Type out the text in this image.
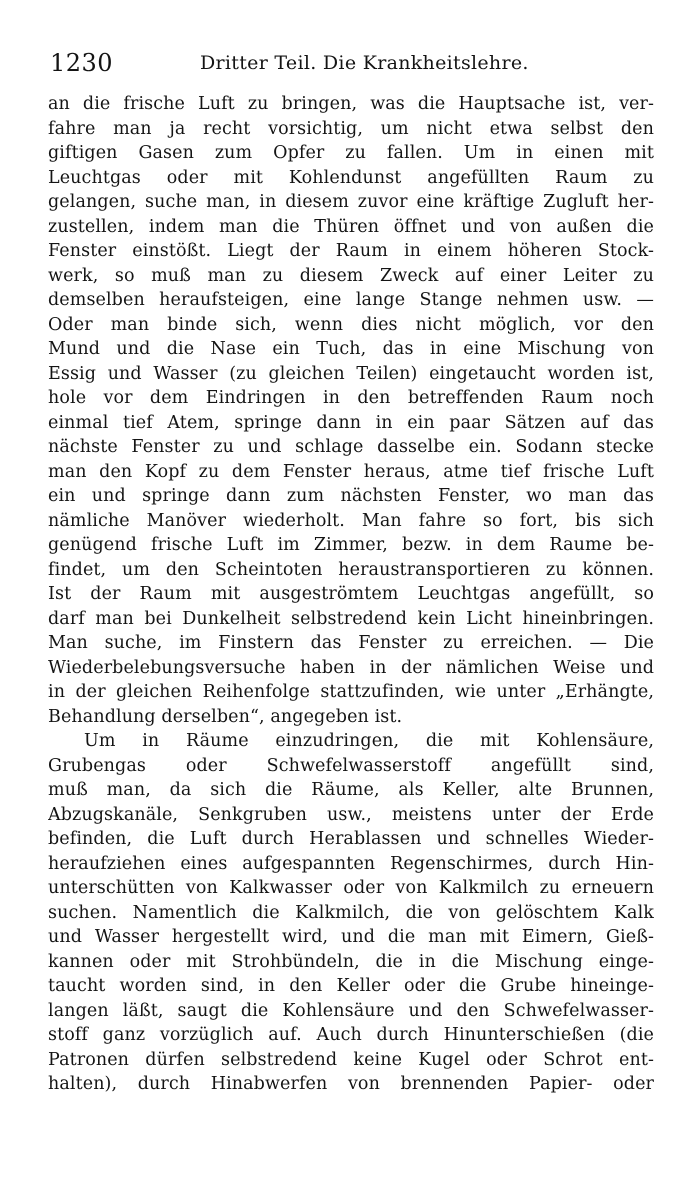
1230	Dritter Teil. Die Krankheitslehre.
an die frische Luft zu bringen, was die Hauptsache ist, ver-
fahre man ja recht vorsichtig, um nicht etwa selbst den
giftigen Gasen zum Opfer zu fallen. Um in einen mit
Leuchtgas oder mit Kohlendunst angefüllten Raum zu
gelangen, suche man, in diesem zuvor eine kräftige Zugluft her-
zustellen, indem man die Thüren öffnet und von außen die
Fenster einstößt. Liegt der Raum in einem höheren Stock-
werk, so muß man zu diesem Zweck auf einer Leiter zu
demselben heraufsteigen, eine lange Stange nehmen usw. —
Oder man binde sich, wenn dies nicht möglich, vor den
Mund und die Nase ein Tuch, das in eine Mischung von
Essig und Wasser (zu gleichen Teilen) eingetaucht worden ist,
hole vor dem Eindringen in den betreffenden Raum noch
einmal tief Atem, springe dann in ein paar Sätzen auf das
nächste Fenster zu und schlage dasselbe ein. Sodann stecke
man den Kopf zu dem Fenster heraus, atme tief frische Luft
ein und springe dann zum nächsten Fenster, wo man das
nämliche Manöver wiederholt. Man fahre so fort, bis sich
genügend frische Luft im Zimmer, bezw. in dem Raume be-
findet, um den Scheintoten heraustransportieren zu können.
Ist der Raum mit ausgeströmtem Leuchtgas angefüllt, so
darf man bei Dunkelheit selbstredend kein Licht hineinbringen.
Man suche, im Finstern das Fenster zu erreichen. — Die
Wiederbelebungsversuche haben in der nämlichen Weise und
in der gleichen Reihenfolge stattzufinden, wie unter „Erhängte,
Behandlung derselben“, angegeben ist.
Um in Räume einzudringen, die mit Kohlensäure,
Grubengas oder Schwefelwasserstoff angefüllt sind,
muß man, da sich die Räume, als Keller, alte Brunnen,
Abzugskanäle, Senkgruben usw., meistens unter der Erde
befinden, die Luft durch Herablassen und schnelles Wieder-
heraufziehen eines aufgespannten Regenschirmes, durch Hin-
unterschütten von Kalkwasser oder von Kalkmilch zu erneuern
suchen. Namentlich die Kalkmilch, die von gelöschtem Kalk
und Wasser hergestellt wird, und die man mit Eimern, Gieß-
kannen oder mit Strohbündeln, die in die Mischung einge-
taucht worden sind, in den Keller oder die Grube hineinge-
langen läßt, saugt die Kohlensäure und den Schwefelwasser-
stoff ganz vorzüglich auf. Auch durch Hinunterschießen (die
Patronen dürfen selbstredend keine Kugel oder Schrot ent-
halten), durch Hinabwerfen von brennenden Papier- oder
